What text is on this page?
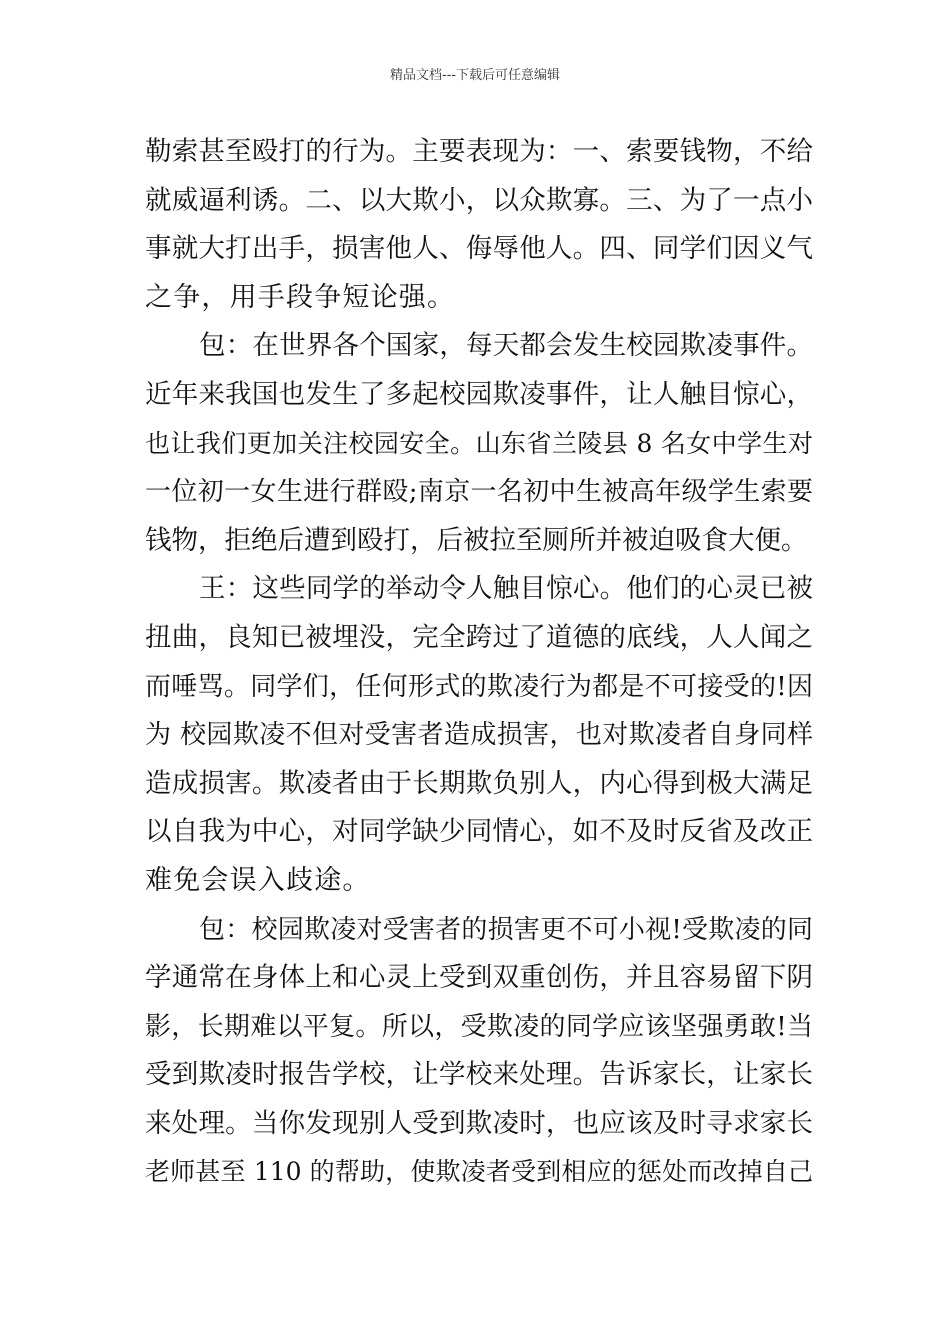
精品文档---下载后可任意编辑
勒索甚至殴打的行为。主要表现为：一、索要钱物，不给
就威逼利诱。二、以大欺小，以众欺寡。三、为了一点小
事就大打出手，损害他人、侮辱他人。四、同学们因义气
之争，用手段争短论强。
包：在世界各个国家，每天都会发生校园欺凌事件。
近年来我国也发生了多起校园欺凌事件，让人触目惊心，
也让我们更加关注校园安全。山东省兰陵县 8 名女中学生对
一位初一女生进行群殴;南京一名初中生被高年级学生索要
钱物，拒绝后遭到殴打，后被拉至厕所并被迫吸食大便。
王：这些同学的举动令人触目惊心。他们的心灵已被
扭曲，良知已被埋没，完全跨过了道德的底线，人人闻之
而唾骂。同学们，任何形式的欺凌行为都是不可接受的!因
为 校园欺凌不但对受害者造成损害，也对欺凌者自身同样
造成损害。欺凌者由于长期欺负别人，内心得到极大满足
以自我为中心，对同学缺少同情心，如不及时反省及改正
难免会误入歧途。
包：校园欺凌对受害者的损害更不可小视!受欺凌的同
学通常在身体上和心灵上受到双重创伤，并且容易留下阴
影，长期难以平复。所以，受欺凌的同学应该坚强勇敢!当
受到欺凌时报告学校，让学校来处理。告诉家长，让家长
来处理。当你发现别人受到欺凌时，也应该及时寻求家长
老师甚至 110 的帮助，使欺凌者受到相应的惩处而改掉自己
